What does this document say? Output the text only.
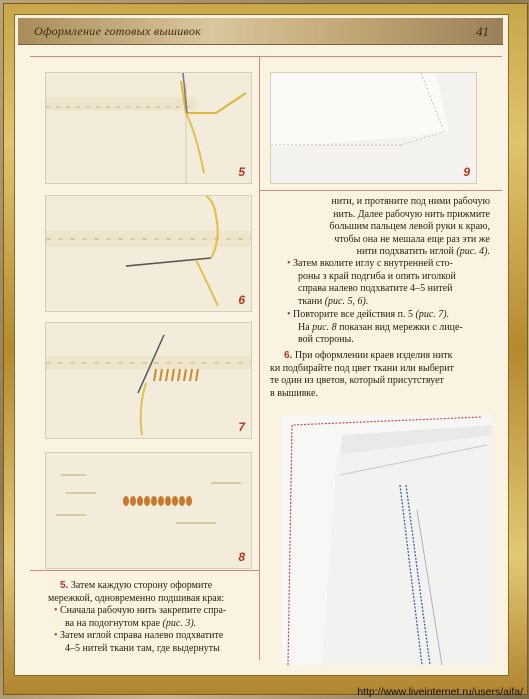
Оформление готовых вышивок	41
5
6
7
8
9

нити, и протяните под ними рабочую

нить. Далее рабочую нить прижмите

большим пальцем левой руки к краю,

чтобы она не мешала еще раз эти же

нити подхватить иглой (рис. 4).

• Затем вколите иглу с внутренней сто-

роны з край подгиба и опять иголкой

справа налево подхватите 4–5 нитей

ткани (рис. 5, 6).

• Повторите все действия п. 5 (рис. 7).

На рис. 8 показан вид мережки с лице-

вой стороны.

6. При оформлении краев изделия нитк

ки подбирайте под цвет ткани или выберит

те один из цветов, который присутствует

в вышивке.

5. Затем каждую сторону оформите

мережкой, одновременно подшивая края:

• Сначала рабочую нить закрепите спра-

ва на подогнутом крае (рис. 3).

• Затем иглой справа налево подхватите

4–5 нитей ткани там, где выдернуты

http://www.liveinternet.ru/users/aifa/
